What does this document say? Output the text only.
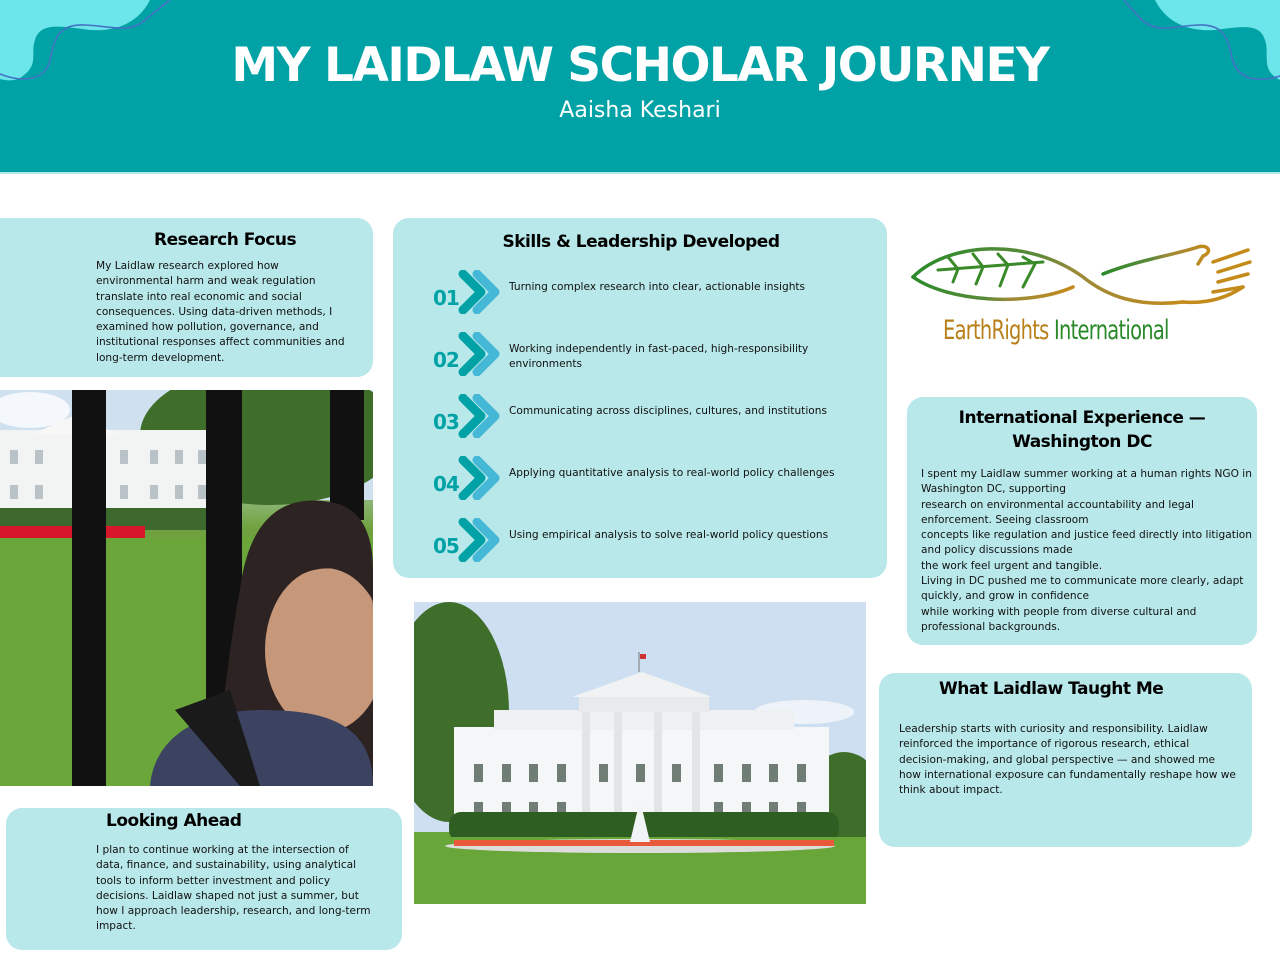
MY LAIDLAW SCHOLAR JOURNEY
Aaisha Keshari
Research Focus

My Laidlaw research explored how environmental harm and weak regulation translate into real economic and social consequences. Using data-driven methods, I examined how pollution, governance, and institutional responses affect communities and long-term development.

Skills & Leadership Developed
01	Turning complex research into clear, actionable insights
02	Working independently in fast-paced, high-responsibility environments
03	Communicating across disciplines, cultures, and institutions
04	Applying quantitative analysis to real-world policy challenges
05	Using empirical analysis to solve real-world policy questions
EarthRights International
International Experience —
Washington DC

I spent my Laidlaw summer working at a human rights NGO in Washington DC, supporting
research on environmental accountability and legal enforcement. Seeing classroom
concepts like regulation and justice feed directly into litigation and policy discussions made
the work feel urgent and tangible.
Living in DC pushed me to communicate more clearly, adapt quickly, and grow in confidence
while working with people from diverse cultural and professional backgrounds.

What Laidlaw Taught Me

Leadership starts with curiosity and responsibility. Laidlaw reinforced the importance of rigorous research, ethical decision-making, and global perspective — and showed me how international exposure can fundamentally reshape how we think about impact.

Looking Ahead

I plan to continue working at the intersection of data, finance, and sustainability, using analytical tools to inform better investment and policy decisions. Laidlaw shaped not just a summer, but how I approach leadership, research, and long-term impact.
